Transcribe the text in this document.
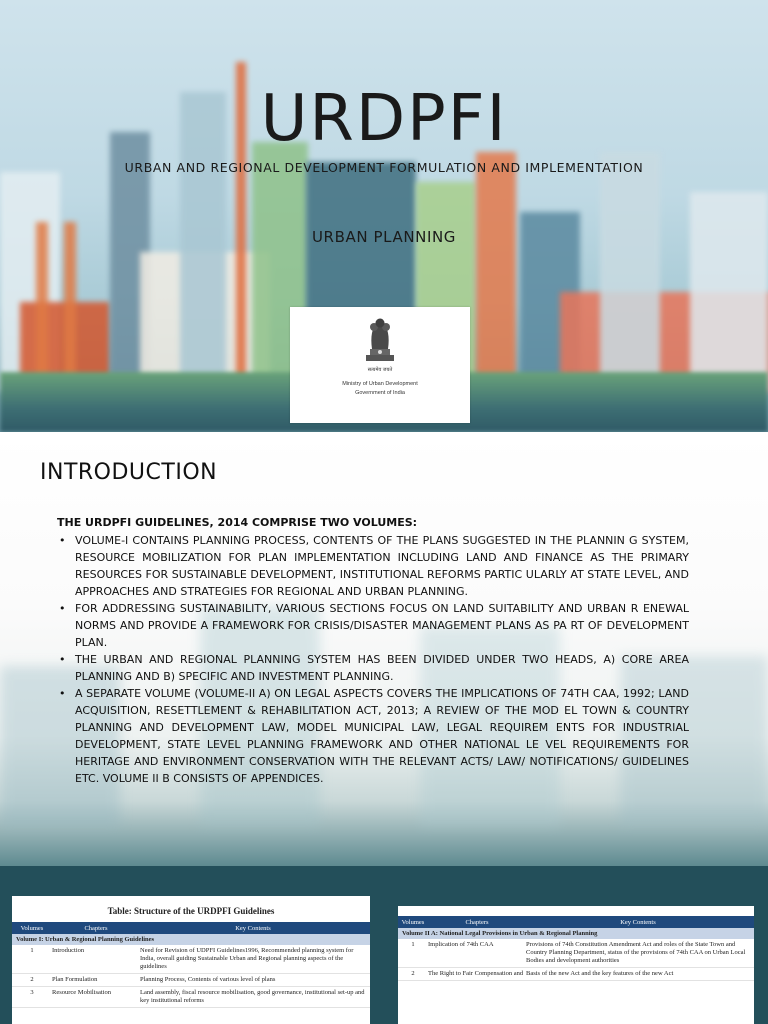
URDPFI
URBAN AND REGIONAL DEVELOPMENT FORMULATION AND IMPLEMENTATION
URBAN PLANNING
सत्यमेव जयते
Ministry of Urban Development
Government of India
INTRODUCTION
THE URDPFI GUIDELINES, 2014 COMPRISE TWO VOLUMES:
• VOLUME-I CONTAINS PLANNING PROCESS, CONTENTS OF THE PLANS SUGGESTED IN THE PLANNIN G SYSTEM, RESOURCE MOBILIZATION FOR PLAN IMPLEMENTATION INCLUDING LAND AND FINANCE AS THE PRIMARY RESOURCES FOR SUSTAINABLE DEVELOPMENT, INSTITUTIONAL REFORMS PARTIC ULARLY AT STATE LEVEL, AND APPROACHES AND STRATEGIES FOR REGIONAL AND URBAN PLANNING.
• FOR ADDRESSING SUSTAINABILITY, VARIOUS SECTIONS FOCUS ON LAND SUITABILITY AND URBAN R ENEWAL NORMS AND PROVIDE A FRAMEWORK FOR CRISIS/DISASTER MANAGEMENT PLANS AS PA RT OF DEVELOPMENT PLAN.
• THE URBAN AND REGIONAL PLANNING SYSTEM HAS BEEN DIVIDED UNDER TWO HEADS, A) CORE AREA PLANNING AND B) SPECIFIC AND INVESTMENT PLANNING.
• A SEPARATE VOLUME (VOLUME-II A) ON LEGAL ASPECTS COVERS THE IMPLICATIONS OF 74TH CAA, 1992; LAND ACQUISITION, RESETTLEMENT & REHABILITATION ACT, 2013; A REVIEW OF THE MOD EL TOWN & COUNTRY PLANNING AND DEVELOPMENT LAW, MODEL MUNICIPAL LAW, LEGAL REQUIREM ENTS FOR INDUSTRIAL DEVELOPMENT, STATE LEVEL PLANNING FRAMEWORK AND OTHER NATIONAL LE VEL REQUIREMENTS FOR HERITAGE AND ENVIRONMENT CONSERVATION WITH THE RELEVANT ACTS/ LAW/ NOTIFICATIONS/ GUIDELINES ETC. VOLUME II B CONSISTS OF APPENDICES.
Table: Structure of the URDPFI Guidelines
Volumes	Chapters	Key Contents
Volume I: Urban & Regional Planning Guidelines
1	Introduction	Need for Revision of UDPFI Guidelines1996, Recommended planning system for India, overall guiding Sustainable Urban and Regional planning aspects of the guidelines
2	Plan Formulation	Planning Process, Contents of various level of plans
3	Resource Mobilisation	Land assembly, fiscal resource mobilisation, good governance, institutional set-up and key institutional reforms
Volumes	Chapters	Key Contents
Volume II A: National Legal Provisions in Urban & Regional Planning
1	Implication of 74th CAA	Provisions of 74th Constitution Amendment Act and roles of the State Town and Country Planning Department, status of the provisions of 74th CAA on Urban Local Bodies and development authorities
2	The Right to Fair Compensation and Basis of the new Act and the key features of the new Act
